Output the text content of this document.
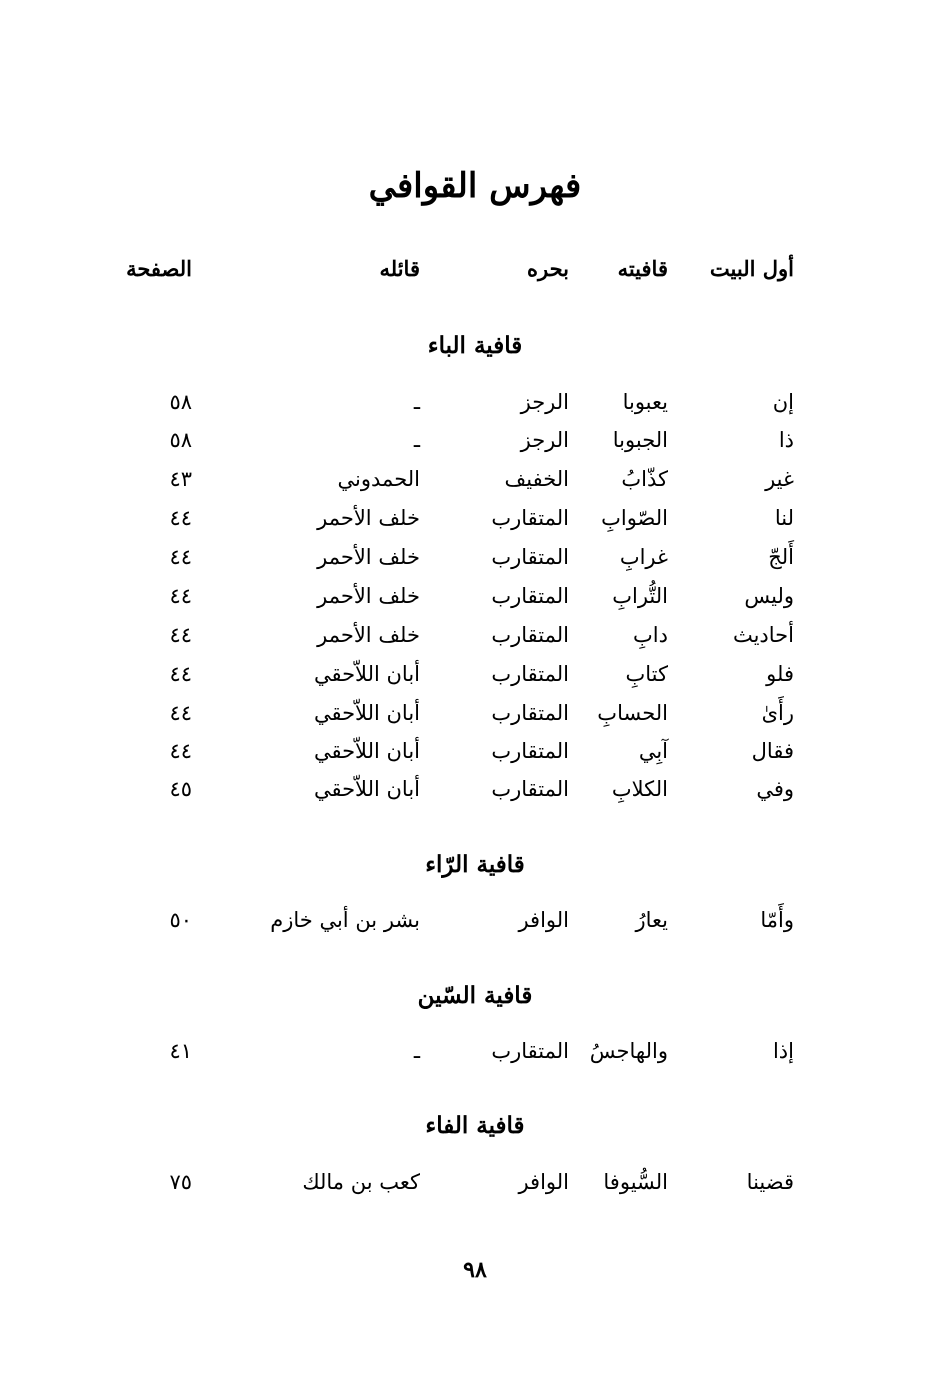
فهرس القوافي
أول البيت
قافيته
بحره
قائله
الصفحة
قافية الباء
إن
يعبوبا
الرجز
ـ
٥٨
ذا
الجبوبا
الرجز
ـ
٥٨
غير
كذّابُ
الخفيف
الحمدوني
٤٣
لنا
الصّوابِ
المتقارب
خلف الأحمر
٤٤
أَلجّ
غرابِ
المتقارب
خلف الأحمر
٤٤
وليس
التُّرابِ
المتقارب
خلف الأحمر
٤٤
أحاديث
دابِ
المتقارب
خلف الأحمر
٤٤
فلو
كتابِ
المتقارب
أبان اللاّحقي
٤٤
رأَىٰ
الحسابِ
المتقارب
أبان اللاّحقي
٤٤
فقال
آبِي
المتقارب
أبان اللاّحقي
٤٤
وفي
الكلابِ
المتقارب
أبان اللاّحقي
٤٥
قافية الرّاء
وأَمّا
يعارُ
الوافر
بشر بن أبي خازم
٥٠
قافية السّين
إذا
والهاجسُ
المتقارب
ـ
٤١
قافية الفاء
قضينا
السُّيوفا
الوافر
كعب بن مالك
٧٥
٩٨
